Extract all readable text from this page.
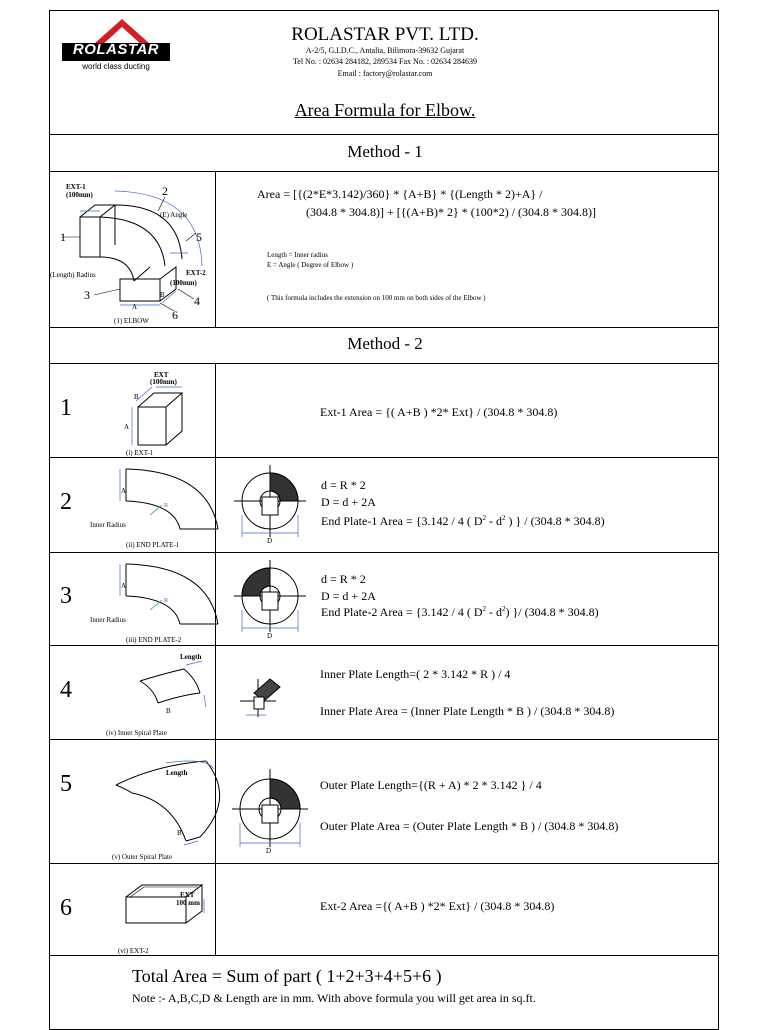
ROLASTAR
world class ducting
ROLASTAR PVT. LTD.
A-2/5, G.I.D.C., Antalia, Bilimora-39632 Gujarat
Tel No. : 02634 284182, 289534 Fax No. : 02634 284639
Email : factory@rolastar.com
Area Formula for Elbow.
Method - 1
EXT-1
(100mm)	2
(E) Angle
1	5
(Length) Radius	EXT-2
(100mm)
3	B 4
A
6
(1) ELBOW
Area = [{(2*E*3.142)/360} * {A+B} * {(Length * 2)+A} /
(304.8 * 304.8)] + [{(A+B)* 2} * (100*2) / (304.8 * 304.8)]
Length = Inner radius
E = Angle ( Degree of Elbow )
( This formula includes the extension on 100 mm on both sides of the Elbow )
Method - 2
1
EXT
(100mm)
B
A
(i) EXT-1
Ext-1 Area = {( A+B ) *2* Ext} / (304.8 * 304.8)
2	A
R
Inner Radius
(ii) END PLATE-1	D
d = R * 2
D = d + 2A
End Plate-1 Area = {3.142 / 4 ( $D^2 - d^2$ ) } / (304.8 * 304.8)
3	A
R
Inner Radius
(iii) END PLATE-2	D
d = R * 2
D = d + 2A
End Plate-2 Area = {3.142 / 4 ( $D^2 - d^2$) }/ (304.8 * 304.8)
4
Length
B
(iv) Inner Spiral Plate
Inner Plate Length=( 2 * 3.142 * R ) / 4
Inner Plate Area = (Inner Plate Length * B ) / (304.8 * 304.8)
5	Length
B
(v) Outer Spiral Plate
D
Outer Plate Length={(R + A) * 2 * 3.142 } / 4
Outer Plate Area = (Outer Plate Length * B ) / (304.8 * 304.8)
6	EXT
100 mm
(vi) EXT-2
Ext-2 Area ={( A+B ) *2* Ext} / (304.8 * 304.8)
Total Area = Sum of part ( 1+2+3+4+5+6 )
Note :- A,B,C,D & Length are in mm. With above formula you will get area in sq.ft.
